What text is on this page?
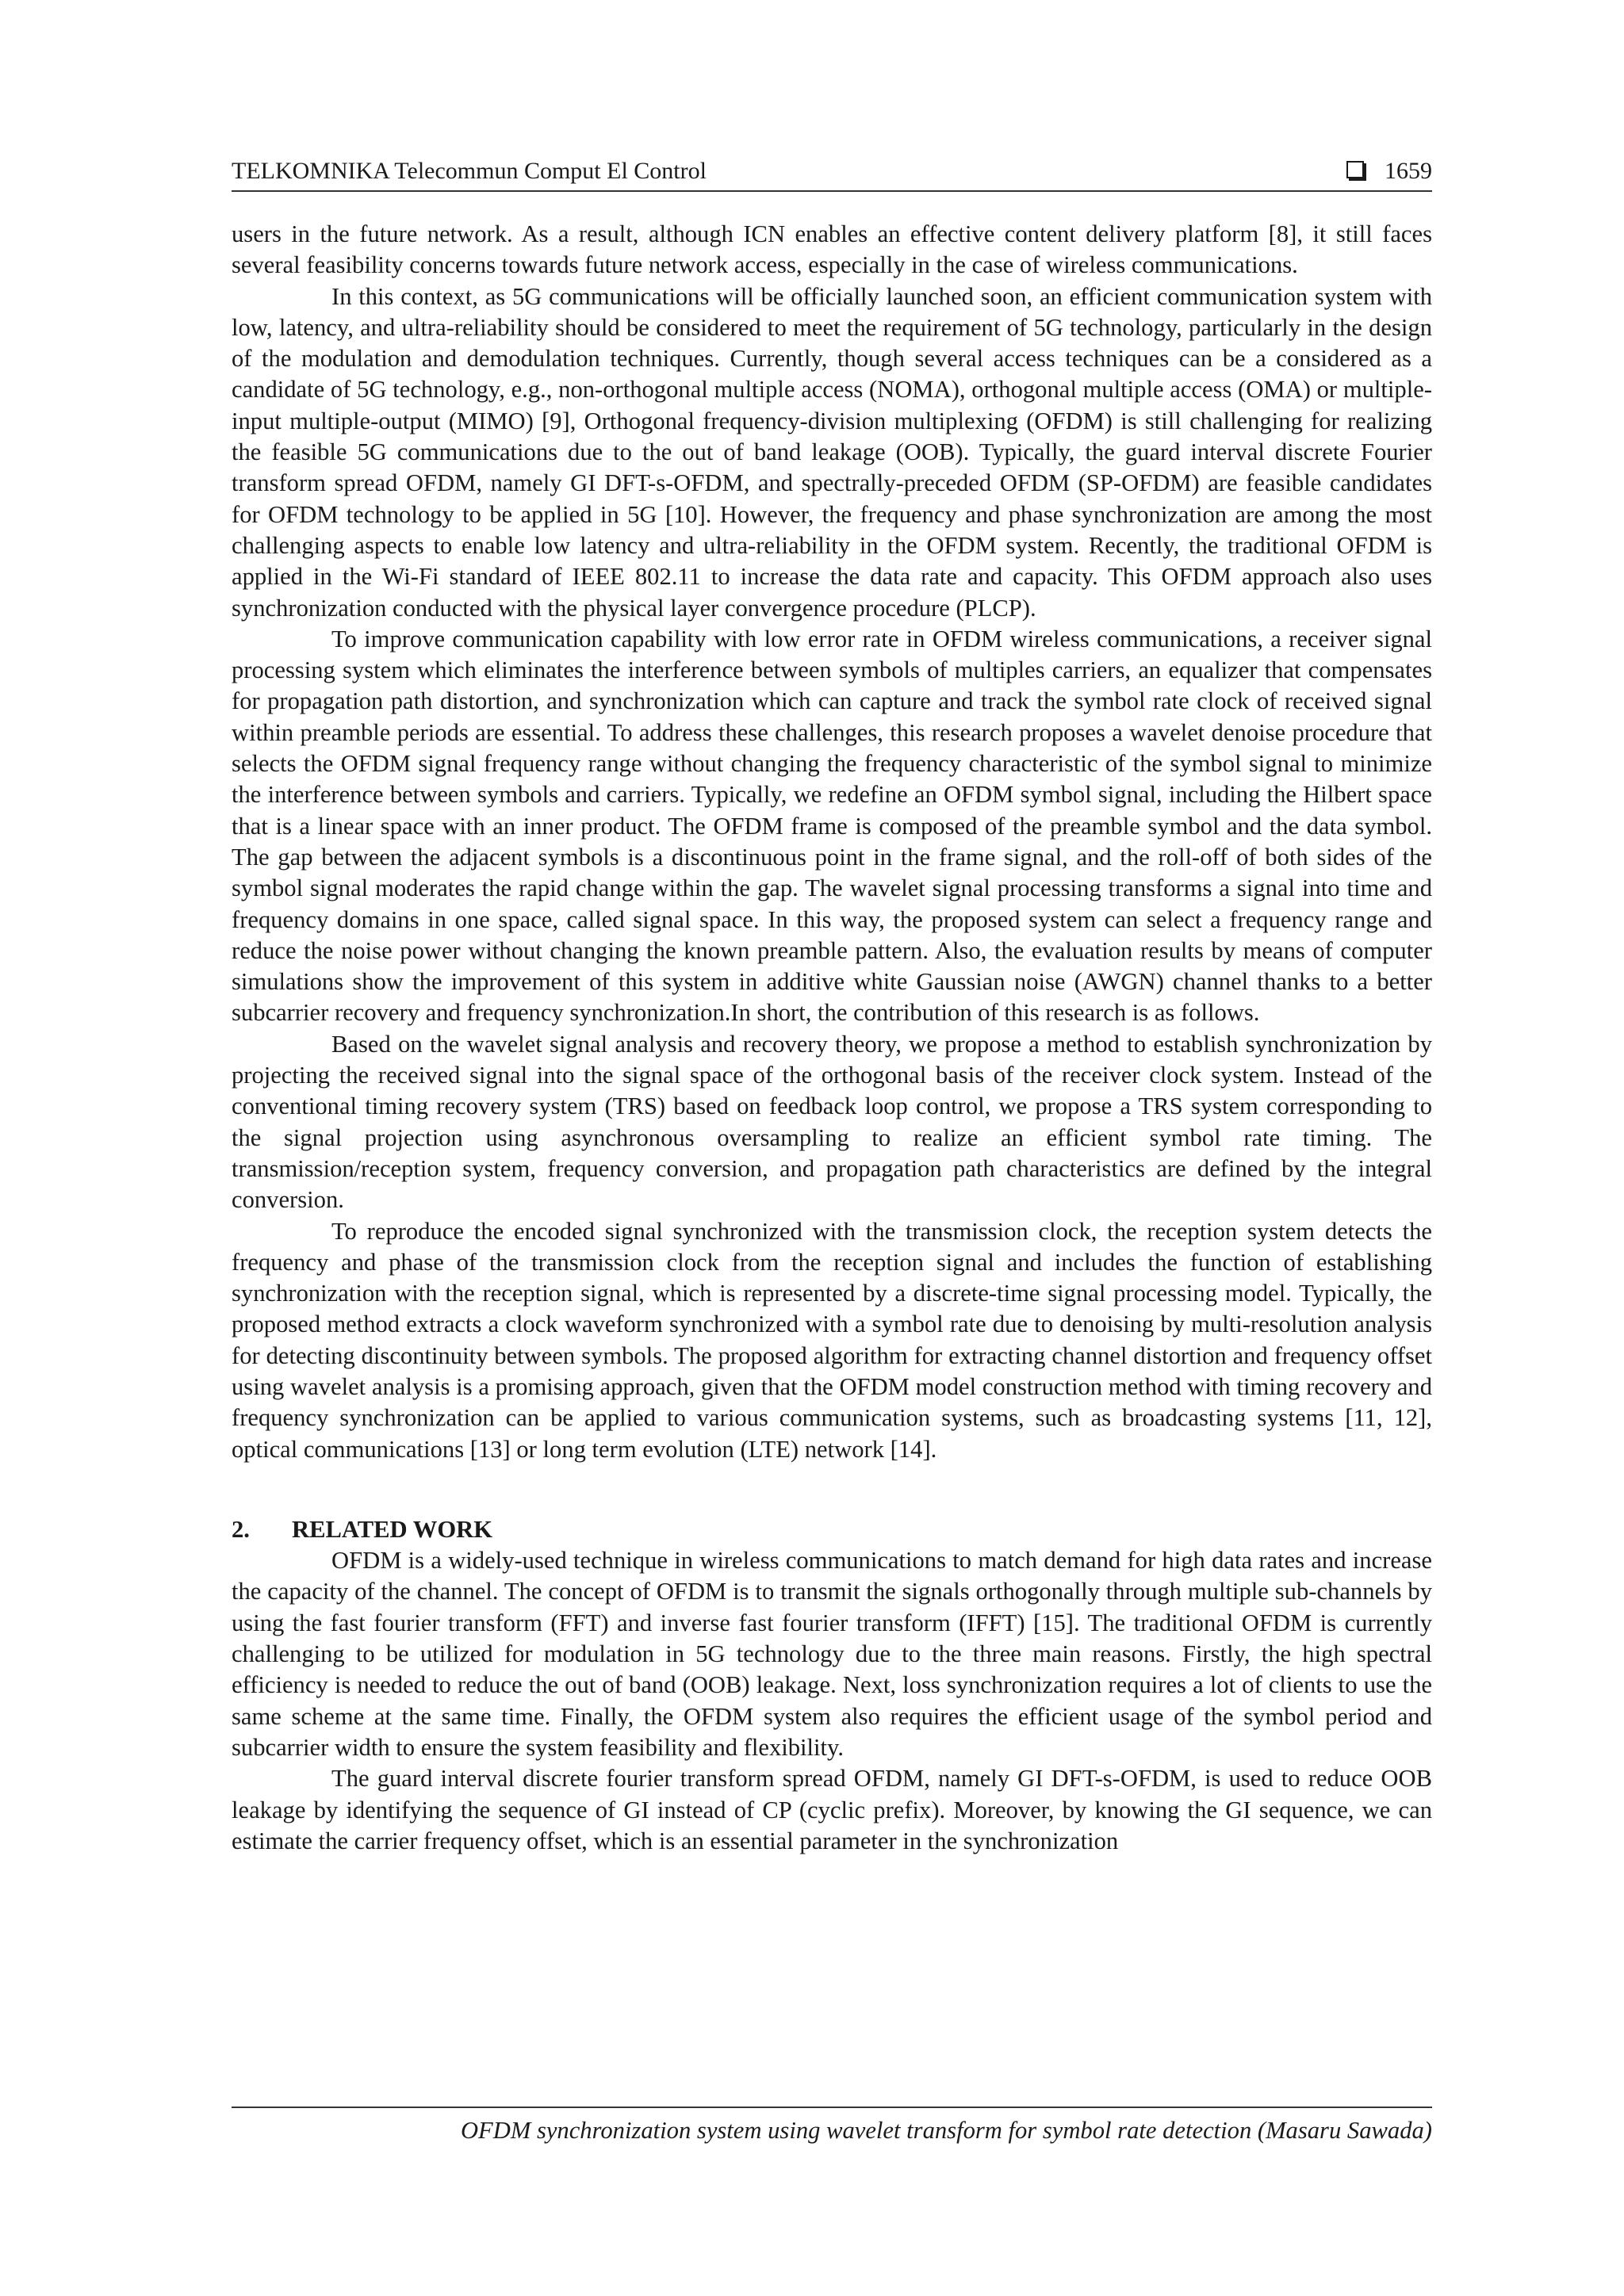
TELKOMNIKA Telecommun Comput El Control	1659

users in the future network. As a result, although ICN enables an effective content delivery platform [8], it still faces several feasibility concerns towards future network access, especially in the case of wireless communications.

In this context, as 5G communications will be officially launched soon, an efficient communication system with low, latency, and ultra-reliability should be considered to meet the requirement of 5G technology, particularly in the design of the modulation and demodulation techniques. Currently, though several access techniques can be a considered as a candidate of 5G technology, e.g., non-orthogonal multiple access (NOMA), orthogonal multiple access (OMA) or multiple-input multiple-output (MIMO) [9], Orthogonal frequency-division multiplexing (OFDM) is still challenging for realizing the feasible 5G communications due to the out of band leakage (OOB). Typically, the guard interval discrete Fourier transform spread OFDM, namely GI DFT-s-OFDM, and spectrally-preceded OFDM (SP-OFDM) are feasible candidates for OFDM technology to be applied in 5G [10]. However, the frequency and phase synchronization are among the most challenging aspects to enable low latency and ultra-reliability in the OFDM system. Recently, the traditional OFDM is applied in the Wi-Fi standard of IEEE 802.11 to increase the data rate and capacity. This OFDM approach also uses synchronization conducted with the physical layer convergence procedure (PLCP).

To improve communication capability with low error rate in OFDM wireless communications, a receiver signal processing system which eliminates the interference between symbols of multiples carriers, an equalizer that compensates for propagation path distortion, and synchronization which can capture and track the symbol rate clock of received signal within preamble periods are essential. To address these challenges, this research proposes a wavelet denoise procedure that selects the OFDM signal frequency range without changing the frequency characteristic of the symbol signal to minimize the interference between symbols and carriers. Typically, we redefine an OFDM symbol signal, including the Hilbert space that is a linear space with an inner product. The OFDM frame is composed of the preamble symbol and the data symbol. The gap between the adjacent symbols is a discontinuous point in the frame signal, and the roll-off of both sides of the symbol signal moderates the rapid change within the gap. The wavelet signal processing transforms a signal into time and frequency domains in one space, called signal space. In this way, the proposed system can select a frequency range and reduce the noise power without changing the known preamble pattern. Also, the evaluation results by means of computer simulations show the improvement of this system in additive white Gaussian noise (AWGN) channel thanks to a better subcarrier recovery and frequency synchronization.In short, the contribution of this research is as follows.

Based on the wavelet signal analysis and recovery theory, we propose a method to establish synchronization by projecting the received signal into the signal space of the orthogonal basis of the receiver clock system. Instead of the conventional timing recovery system (TRS) based on feedback loop control, we propose a TRS system corresponding to the signal projection using asynchronous oversampling to realize an efficient symbol rate timing. The transmission/reception system, frequency conversion, and propagation path characteristics are defined by the integral conversion.

To reproduce the encoded signal synchronized with the transmission clock, the reception system detects the frequency and phase of the transmission clock from the reception signal and includes the function of establishing synchronization with the reception signal, which is represented by a discrete-time signal processing model. Typically, the proposed method extracts a clock waveform synchronized with a symbol rate due to denoising by multi-resolution analysis for detecting discontinuity between symbols. The proposed algorithm for extracting channel distortion and frequency offset using wavelet analysis is a promising approach, given that the OFDM model construction method with timing recovery and frequency synchronization can be applied to various communication systems, such as broadcasting systems [11, 12], optical communications [13] or long term evolution (LTE) network [14].

2. RELATED WORK

OFDM is a widely-used technique in wireless communications to match demand for high data rates and increase the capacity of the channel. The concept of OFDM is to transmit the signals orthogonally through multiple sub-channels by using the fast fourier transform (FFT) and inverse fast fourier transform (IFFT) [15]. The traditional OFDM is currently challenging to be utilized for modulation in 5G technology due to the three main reasons. Firstly, the high spectral efficiency is needed to reduce the out of band (OOB) leakage. Next, loss synchronization requires a lot of clients to use the same scheme at the same time. Finally, the OFDM system also requires the efficient usage of the symbol period and subcarrier width to ensure the system feasibility and flexibility.

The guard interval discrete fourier transform spread OFDM, namely GI DFT-s-OFDM, is used to reduce OOB leakage by identifying the sequence of GI instead of CP (cyclic prefix). Moreover, by knowing the GI sequence, we can estimate the carrier frequency offset, which is an essential parameter in the synchronization

OFDM synchronization system using wavelet transform for symbol rate detection (Masaru Sawada)
